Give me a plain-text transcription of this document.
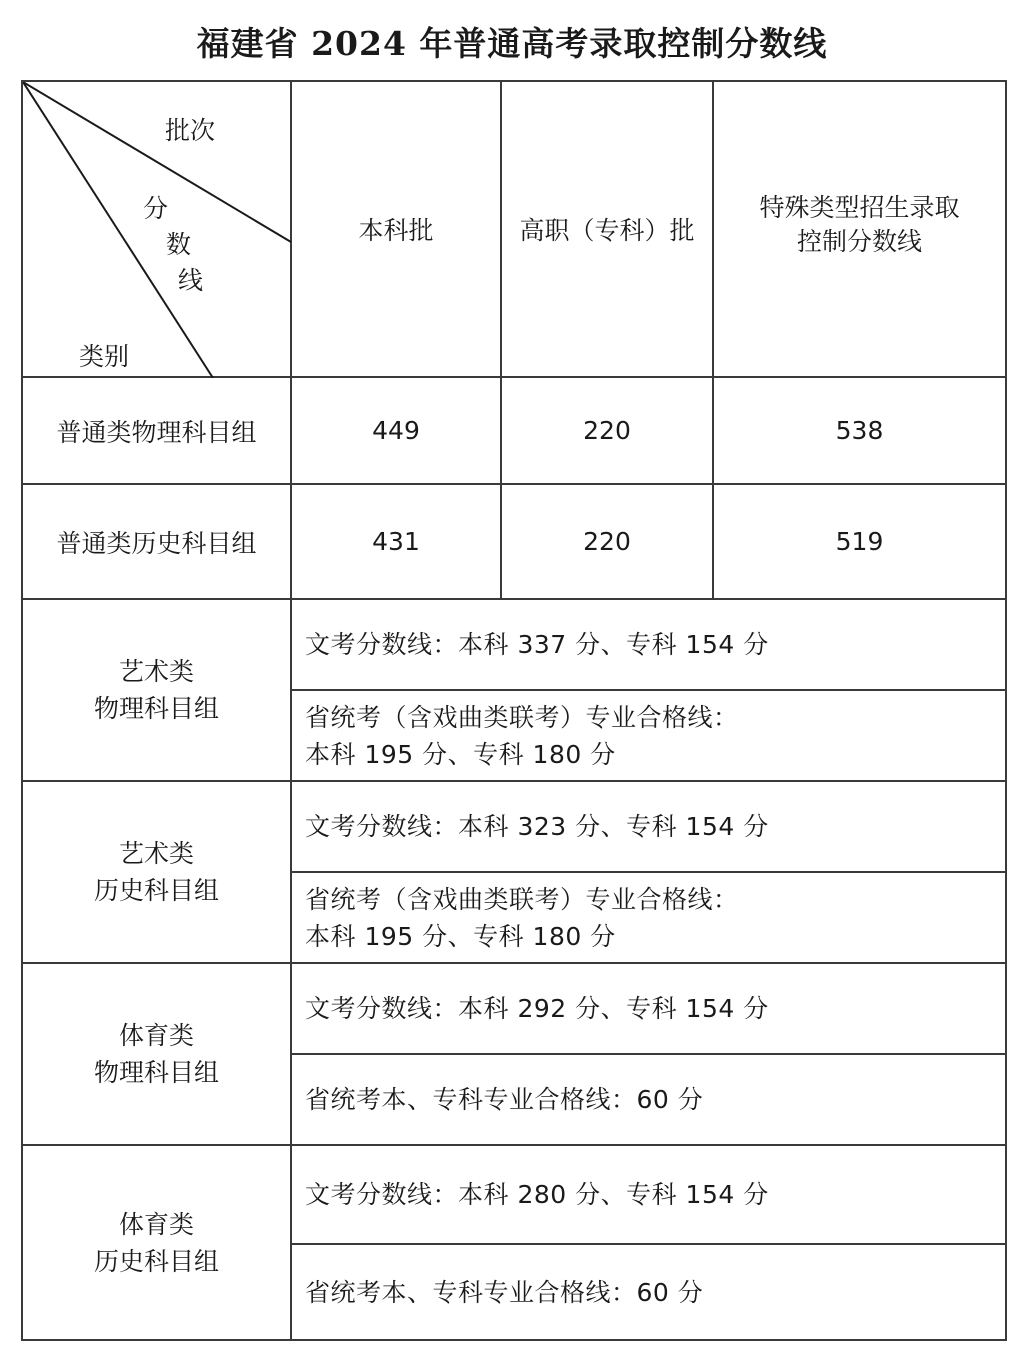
福建省 2024 年普通高考录取控制分数线
批次
分
数
线
类别	本科批	高职（专科）批	特殊类型招生录取
控制分数线

普通类物理科目组	449	220	538
普通类历史科目组	431	220	519

艺术类
物理科目组	文考分数线：本科 337 分、专科 154 分		

	省统考（含戏曲类联考）专业合格线：
本科 195 分、专科 180 分		

艺术类
历史科目组	文考分数线：本科 323 分、专科 154 分		

	省统考（含戏曲类联考）专业合格线：
本科 195 分、专科 180 分		

体育类
物理科目组	文考分数线：本科 292 分、专科 154 分		
	省统考本、专科专业合格线：60 分		

体育类
历史科目组	文考分数线：本科 280 分、专科 154 分		
	省统考本、专科专业合格线：60 分		
